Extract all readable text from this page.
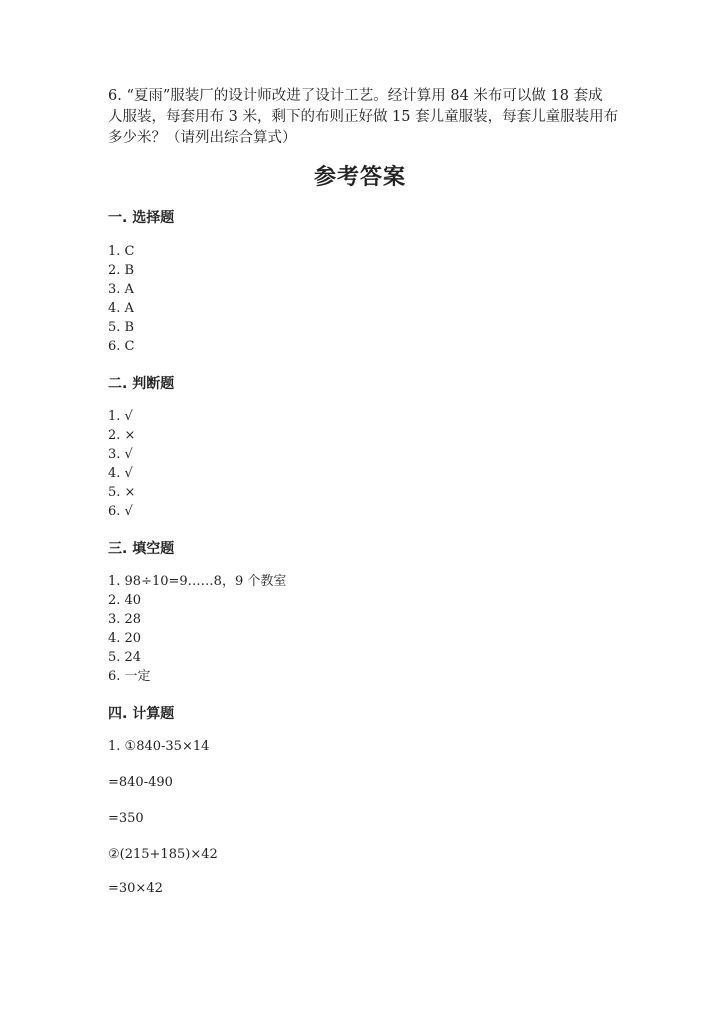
6. “夏雨”服装厂的设计师改进了设计工艺。经计算用 84 米布可以做 18 套成
人服装，每套用布 3 米，剩下的布则正好做 15 套儿童服装，每套儿童服装用布
多少米？（请列出综合算式）
参考答案
一. 选择题
1. C
2. B
3. A
4. A
5. B
6. C
二. 判断题
1. √
2. ×
3. √
4. √
5. ×
6. √
三. 填空题
1. 98÷10=9……8，9 个教室
2. 40
3. 28
4. 20
5. 24
6. 一定
四. 计算题
1. ①840-35×14
=840-490
=350
②(215+185)×42
=30×42
